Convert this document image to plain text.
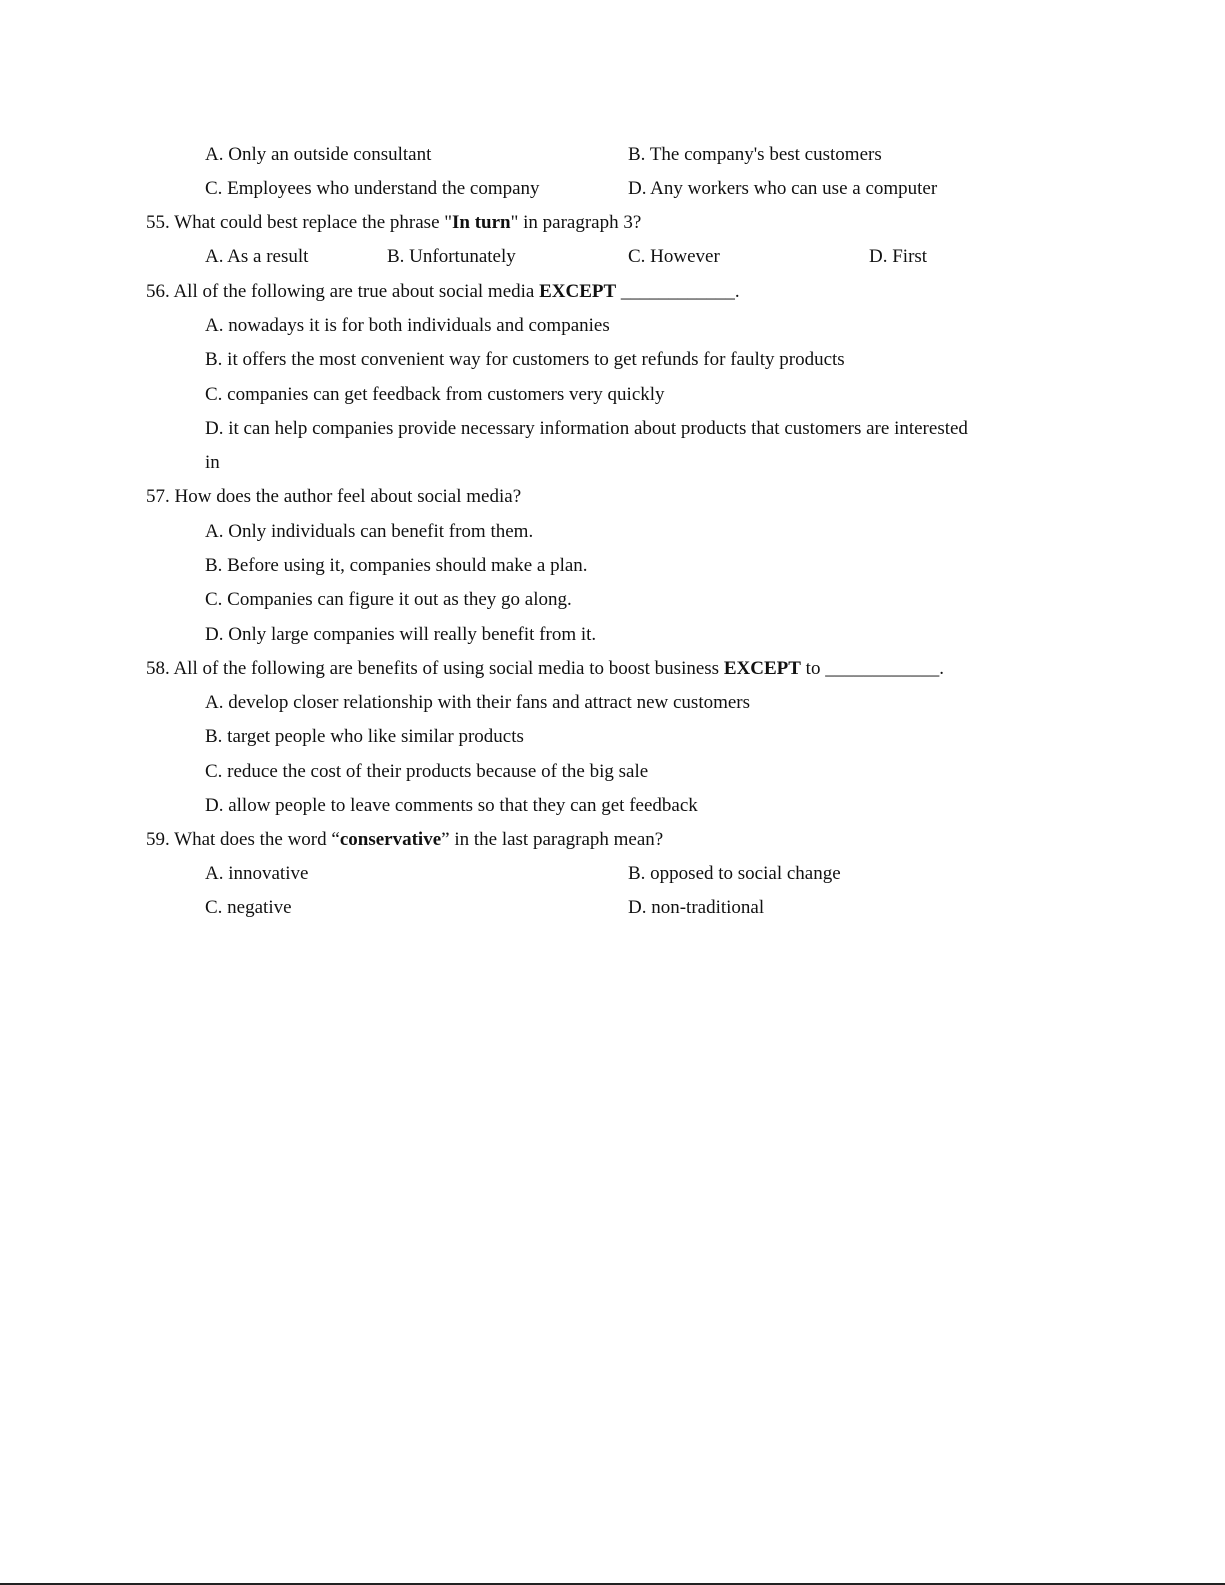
A. Only an outside consultant	B. The company's best customers
C. Employees who understand the company	D. Any workers who can use a computer
55. What could best replace the phrase "In turn" in paragraph 3?
A. As a result	B. Unfortunately	C. However	D. First
56. All of the following are true about social media EXCEPT ____________.
A. nowadays it is for both individuals and companies
B. it offers the most convenient way for customers to get refunds for faulty products
C. companies can get feedback from customers very quickly
D. it can help companies provide necessary information about products that customers are interested
in
57. How does the author feel about social media?
A. Only individuals can benefit from them.
B. Before using it, companies should make a plan.
C. Companies can figure it out as they go along.
D. Only large companies will really benefit from it.
58. All of the following are benefits of using social media to boost business EXCEPT to ____________.
A. develop closer relationship with their fans and attract new customers
B. target people who like similar products
C. reduce the cost of their products because of the big sale
D. allow people to leave comments so that they can get feedback
59. What does the word “conservative” in the last paragraph mean?
A. innovative	B. opposed to social change
C. negative	D. non-traditional
